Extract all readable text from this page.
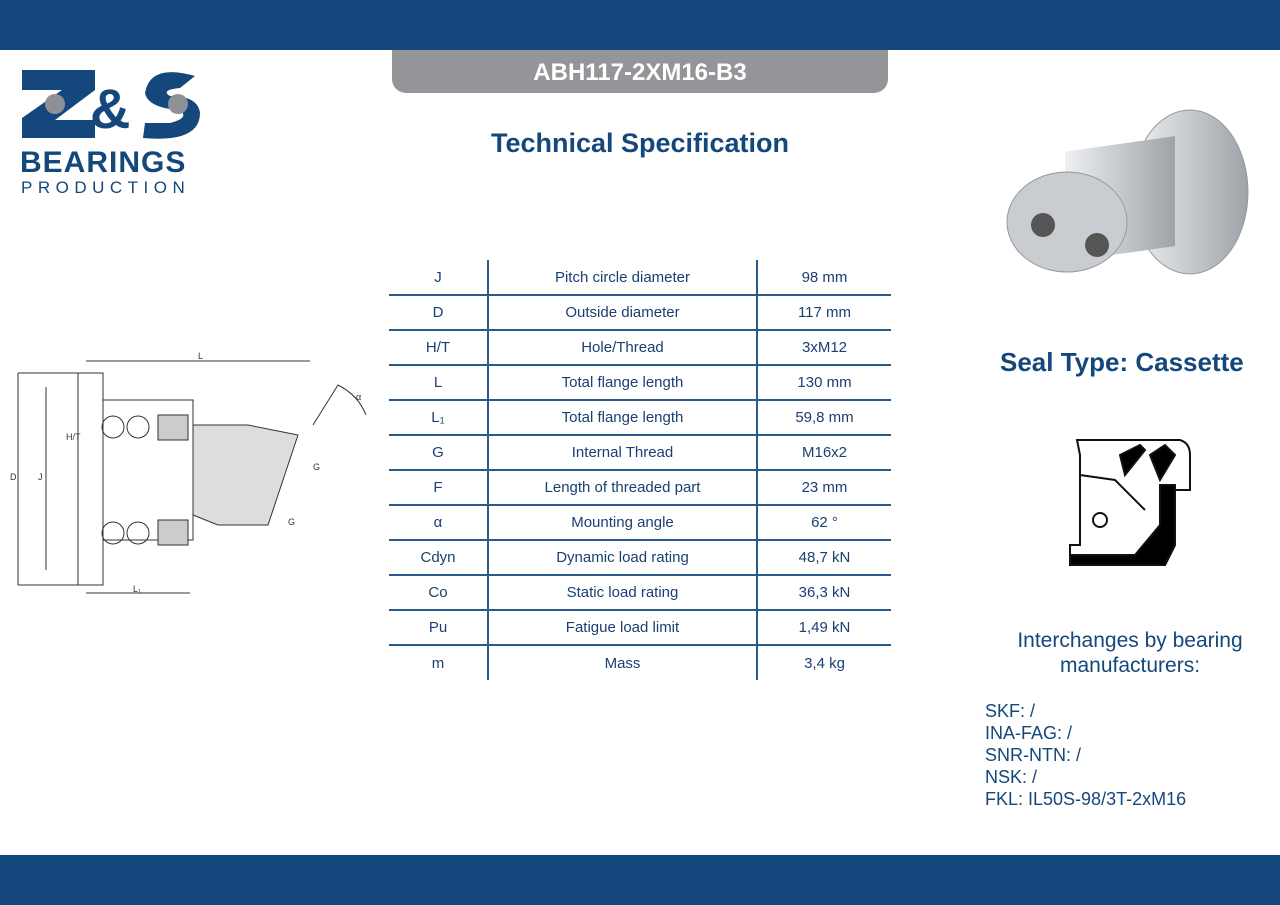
ABH117-2XM16-B3
Technical Specification
&
BEARINGS
PRODUCTION
L
D J
H/T
L₁
G
G
α
J	Pitch circle diameter	98 mm
D	Outside diameter	117 mm
H/T	Hole/Thread	3xM12
L	Total flange length	130 mm
L₁	Total flange length	59,8 mm
G	Internal Thread	M16x2
F	Length of threaded part	23 mm
α	Mounting angle	62 °
Cdyn	Dynamic load rating	48,7 kN
Co	Static load rating	36,3 kN
Pu	Fatigue load limit	1,49 kN
m	Mass	3,4 kg
Seal Type: Cassette
Interchanges by bearing manufacturers:
SKF: /
INA-FAG: /
SNR-NTN: /
NSK: /
FKL: IL50S-98/3T-2xM16
